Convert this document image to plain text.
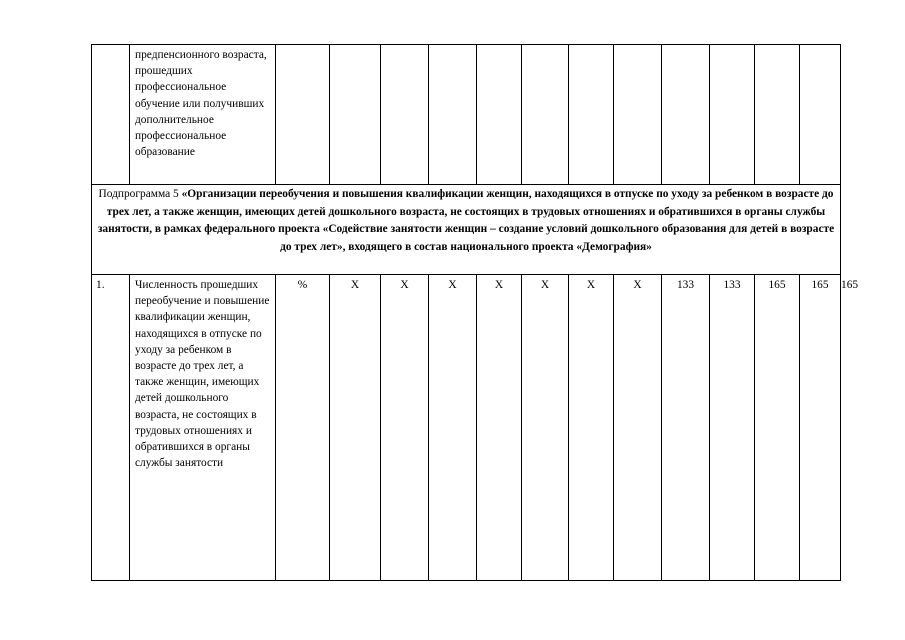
	предпенсионного возраста, прошедших профессиональное обучение или получивших дополнительное профессиональное образование													
Подпрограмма 5 «Организации переобучения и повышения квалификации женщин, находящихся в отпуске по уходу за ребенком в возрасте до трех лет, а также женщин, имеющих детей дошкольного возраста, не состоящих в трудовых отношениях и обратившихся в органы службы занятости, в рамках федерального проекта «Содействие занятости женщин – создание условий дошкольного образования для детей в возрасте до трех лет», входящего в состав национального проекта «Демография»														
1.	Численность прошедших переобучение и повышение квалификации женщин, находящихся в отпуске по уходу за ребенком в возрасте до трех лет, а также женщин, имеющих детей дошкольного возраста, не состоящих в трудовых отношениях и обратившихся в органы службы занятости	%	X	X	X	X	X	X	X	133	133	165	165	165
